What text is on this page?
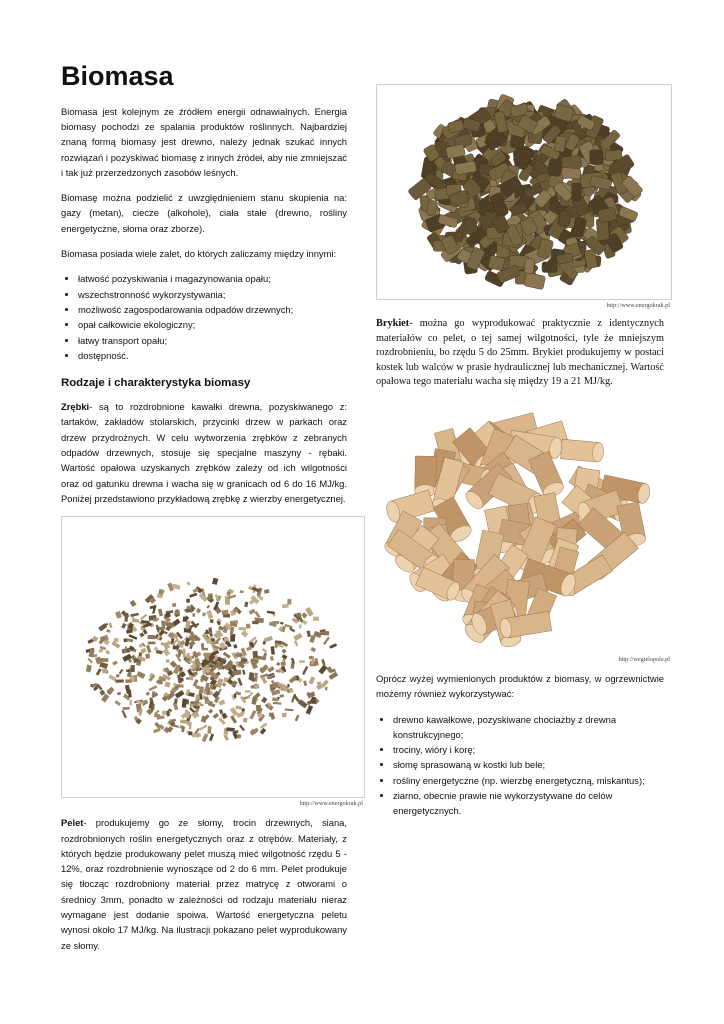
Biomasa

Biomasa jest kolejnym ze źródłem energii odnawialnych. Energia biomasy pochodzi ze spalania produktów roślinnych. Najbardziej znaną formą biomasy jest drewno, należy jednak szukać innych rozwiązań i pozyskiwać biomasę z innych źródeł, aby nie zmniejszać i tak już przerzedzonych zasobów leśnych.

Biomasę można podzielić z uwzględnieniem stanu skupienia na: gazy (metan), ciecze (alkohole), ciała stałe (drewno, rośliny energetyczne, słoma oraz zborze).

Biomasa posiada wiele zalet, do których zaliczamy między innymi:

• łatwość pozyskiwania i magazynowania opału;
• wszechstronność wykorzystywania;
• możliwość zagospodarowania odpadów drzewnych;
• opał całkowicie ekologiczny;
• łatwy transport opału;
• dostępność.
Rodzaje i charakterystyka biomasy

Zrębki- są to rozdrobnione kawałki drewna, pozyskiwanego z: tartaków, zakładów stolarskich, przycinki drzew w parkach oraz drzew przydrożnych. W celu wytworzenia zrębków z zebranych odpadów drzewnych, stosuje się specjalne maszyny - rębaki. Wartość opałowa uzyskanych zrębków zależy od ich wilgotności oraz od gatunku drewna i wacha się w granicach od 6 do 16 MJ/kg. Poniżej przedstawiono przykładową zrębkę z wierzby energetycznej.

http://www.energokrak.pl

Pelet- produkujemy go ze słomy, trocin drzewnych, siana, rozdrobnionych roślin energetycznych oraz z otrębów. Materiały, z których będzie produkowany pelet muszą mieć wilgotność rzędu 5 - 12%, oraz rozdrobnienie wynoszące od 2 do 6 mm. Pelet produkuje się tłocząc rozdrobniony materiał przez matrycę z otworami o średnicy 3mm, ponadto w zależności od rodzaju materiału nieraz wymagane jest dodanie spoiwa. Wartość energetyczna peletu wynosi około 17 MJ/kg. Na ilustracji pokazano pelet wyprodukowany ze słomy.

http://www.energokrak.pl

Brykiet- można go wyprodukować praktycznie z identycznych materiałów co pelet, o tej samej wilgotności, tyle że mniejszym rozdrobnieniu, bo rzędu 5 do 25mm. Brykiet produkujemy w postaci kostek lub walców w prasie hydraulicznej lub mechanicznej. Wartość opałowa tego materiału wacha się między 19 a 21 MJ/kg.

http://wegielopole.pl

Oprócz wyżej wymienionych produktów z biomasy, w ogrzewnictwie możemy również wykorzystywać:

• drewno kawałkowe, pozyskiwane chociażby z drewna konstrukcyjnego;
• trociny, wióry i korę;
• słomę sprasowaną w kostki lub bele;
• rośliny energetyczne (np. wierzbę energetyczną, miskantus);
• ziarno, obecnie prawie nie wykorzystywane do celów energetycznych.
